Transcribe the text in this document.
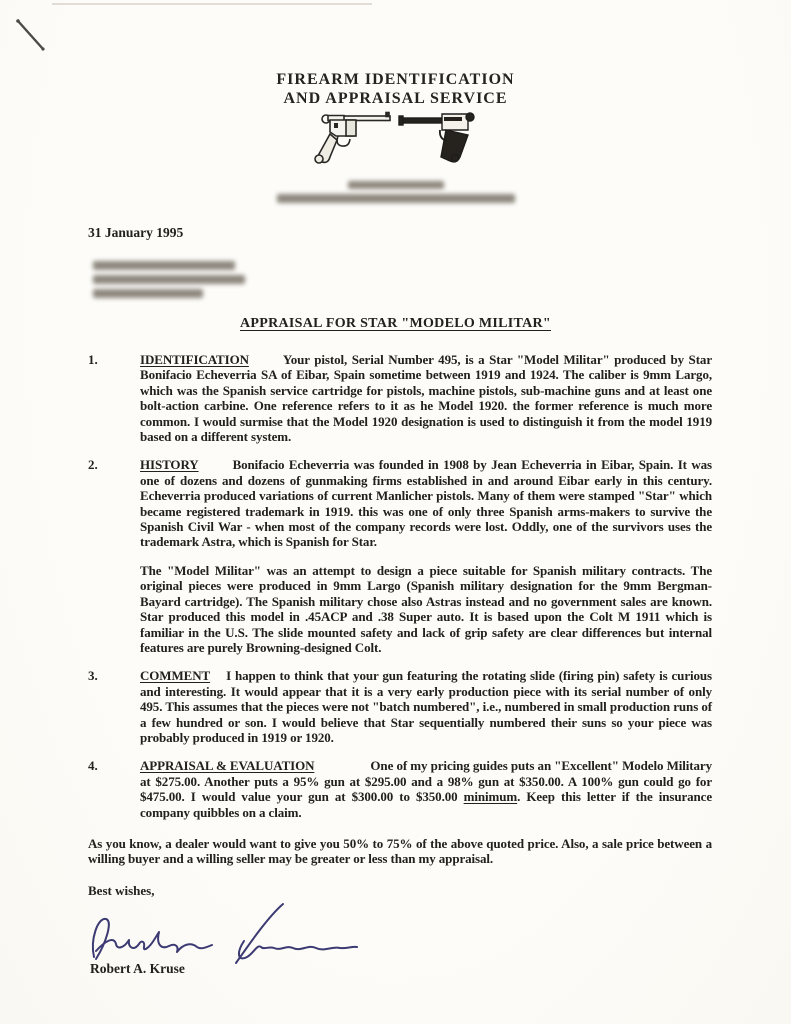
FIREARM IDENTIFICATION
AND APPRAISAL SERVICE
31 January 1995
APPRAISAL FOR STAR "MODELO MILITAR"
1.	IDENTIFICATION	Your pistol, Serial Number 495, is a Star "Model Militar" produced by Star Bonifacio Echeverria SA of Eibar, Spain sometime between 1919 and 1924. The caliber is 9mm Largo, which was the Spanish service cartridge for pistols, machine pistols, sub-machine guns and at least one bolt-action carbine. One reference refers to it as he Model 1920. the former reference is much more common. I would surmise that the Model 1920 designation is used to distinguish it from the model 1919 based on a different system.
2.	HISTORY	Bonifacio Echeverria was founded in 1908 by Jean Echeverria in Eibar, Spain. It was one of dozens and dozens of gunmaking firms established in and around Eibar early in this century. Echeverria produced variations of current Manlicher pistols. Many of them were stamped "Star" which became registered trademark in 1919. this was one of only three Spanish arms-makers to survive the Spanish Civil War - when most of the company records were lost. Oddly, one of the survivors uses the trademark Astra, which is Spanish for Star.
The "Model Militar" was an attempt to design a piece suitable for Spanish military contracts. The original pieces were produced in 9mm Largo (Spanish military designation for the 9mm Bergman-Bayard cartridge). The Spanish military chose also Astras instead and no government sales are known. Star produced this model in .45ACP and .38 Super auto. It is based upon the Colt M 1911 which is familiar in the U.S. The slide mounted safety and lack of grip safety are clear differences but internal features are purely Browning-designed Colt.
3.	COMMENT I happen to think that your gun featuring the rotating slide (firing pin) safety is curious and interesting. It would appear that it is a very early production piece with its serial number of only 495. This assumes that the pieces were not "batch numbered", i.e., numbered in small production runs of a few hundred or son. I would believe that Star sequentially numbered their suns so your piece was probably produced in 1919 or 1920.
4.	APPRAISAL & EVALUATION	One of my pricing guides puts an "Excellent" Modelo Military at $275.00. Another puts a 95% gun at $295.00 and a 98% gun at $350.00. A 100% gun could go for $475.00. I would value your gun at $300.00 to $350.00 minimum. Keep this letter if the insurance company quibbles on a claim.
As you know, a dealer would want to give you 50% to 75% of the above quoted price. Also, a sale price between a willing buyer and a willing seller may be greater or less than my appraisal.
Best wishes,
Robert A. Kruse
